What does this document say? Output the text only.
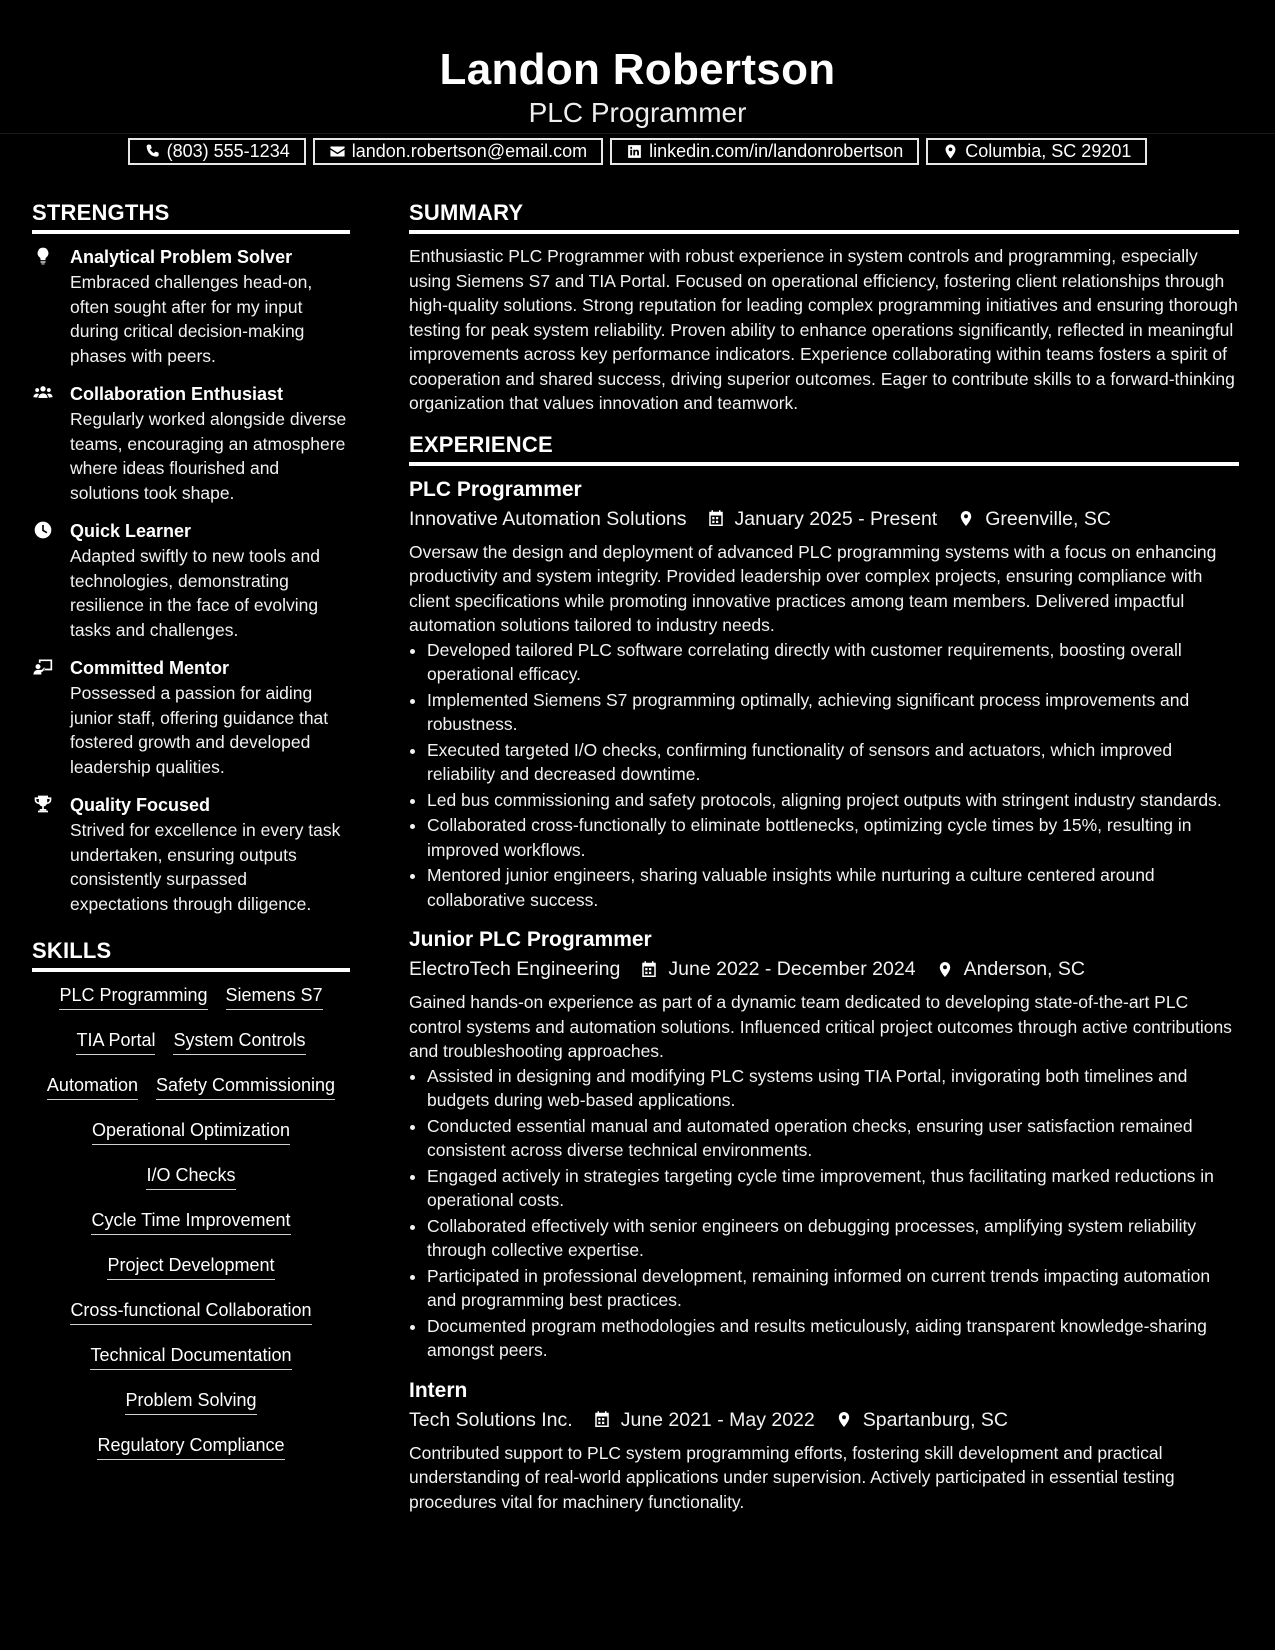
Landon Robertson
PLC Programmer
(803) 555-1234	landon.robertson@email.com	linkedin.com/in/landonrobertson	Columbia, SC 29201
STRENGTHS
Analytical Problem Solver
Embraced challenges head-on, often sought after for my input during critical decision-making phases with peers.
Collaboration Enthusiast
Regularly worked alongside diverse teams, encouraging an atmosphere where ideas flourished and solutions took shape.
Quick Learner
Adapted swiftly to new tools and technologies, demonstrating resilience in the face of evolving tasks and challenges.
Committed Mentor
Possessed a passion for aiding junior staff, offering guidance that fostered growth and developed leadership qualities.
Quality Focused
Strived for excellence in every task undertaken, ensuring outputs consistently surpassed expectations through diligence.
SKILLS
PLC Programming Siemens S7
TIA Portal System Controls
Automation Safety Commissioning
Operational Optimization
I/O Checks
Cycle Time Improvement
Project Development
Cross-functional Collaboration
Technical Documentation
Problem Solving
Regulatory Compliance
SUMMARY
Enthusiastic PLC Programmer with robust experience in system controls and programming, especially using Siemens S7 and TIA Portal. Focused on operational efficiency, fostering client relationships through high-quality solutions. Strong reputation for leading complex programming initiatives and ensuring thorough testing for peak system reliability. Proven ability to enhance operations significantly, reflected in meaningful improvements across key performance indicators. Experience collaborating within teams fosters a spirit of cooperation and shared success, driving superior outcomes. Eager to contribute skills to a forward-thinking organization that values innovation and teamwork.
EXPERIENCE
PLC Programmer
Innovative Automation Solutions January 2025 - Present Greenville, SC
Oversaw the design and deployment of advanced PLC programming systems with a focus on enhancing productivity and system integrity. Provided leadership over complex projects, ensuring compliance with client specifications while promoting innovative practices among team members. Delivered impactful automation solutions tailored to industry needs.
• Developed tailored PLC software correlating directly with customer requirements, boosting overall operational efficacy.
• Implemented Siemens S7 programming optimally, achieving significant process improvements and robustness.
• Executed targeted I/O checks, confirming functionality of sensors and actuators, which improved reliability and decreased downtime.
• Led bus commissioning and safety protocols, aligning project outputs with stringent industry standards.
• Collaborated cross-functionally to eliminate bottlenecks, optimizing cycle times by 15%, resulting in improved workflows.
• Mentored junior engineers, sharing valuable insights while nurturing a culture centered around collaborative success.
Junior PLC Programmer
ElectroTech Engineering June 2022 - December 2024 Anderson, SC
Gained hands-on experience as part of a dynamic team dedicated to developing state-of-the-art PLC control systems and automation solutions. Influenced critical project outcomes through active contributions and troubleshooting approaches.
• Assisted in designing and modifying PLC systems using TIA Portal, invigorating both timelines and budgets during web-based applications.
• Conducted essential manual and automated operation checks, ensuring user satisfaction remained consistent across diverse technical environments.
• Engaged actively in strategies targeting cycle time improvement, thus facilitating marked reductions in operational costs.
• Collaborated effectively with senior engineers on debugging processes, amplifying system reliability through collective expertise.
• Participated in professional development, remaining informed on current trends impacting automation and programming best practices.
• Documented program methodologies and results meticulously, aiding transparent knowledge-sharing amongst peers.
Intern
Tech Solutions Inc. June 2021 - May 2022 Spartanburg, SC
Contributed support to PLC system programming efforts, fostering skill development and practical understanding of real-world applications under supervision. Actively participated in essential testing procedures vital for machinery functionality.
